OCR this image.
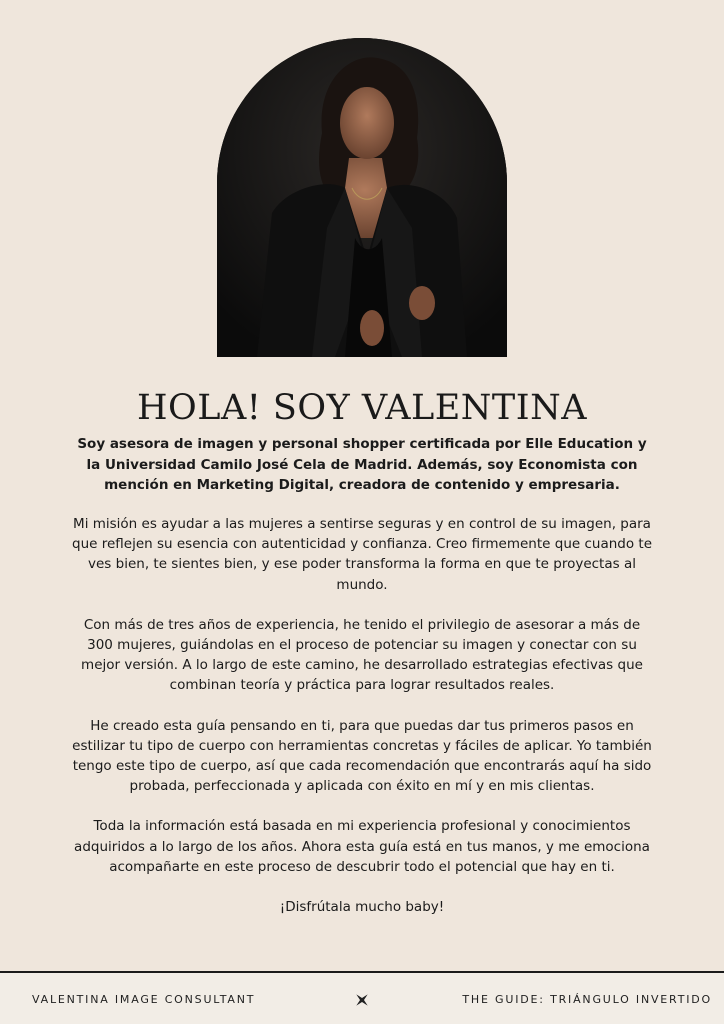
HOLA! SOY VALENTINA

Soy asesora de imagen y personal shopper certificada por Elle Education y la Universidad Camilo José Cela de Madrid. Además, soy Economista con mención en Marketing Digital, creadora de contenido y empresaria.

Mi misión es ayudar a las mujeres a sentirse seguras y en control de su imagen, para que reflejen su esencia con autenticidad y confianza. Creo firmemente que cuando te ves bien, te sientes bien, y ese poder transforma la forma en que te proyectas al mundo.

Con más de tres años de experiencia, he tenido el privilegio de asesorar a más de 300 mujeres, guiándolas en el proceso de potenciar su imagen y conectar con su mejor versión. A lo largo de este camino, he desarrollado estrategias efectivas que combinan teoría y práctica para lograr resultados reales.

He creado esta guía pensando en ti, para que puedas dar tus primeros pasos en estilizar tu tipo de cuerpo con herramientas concretas y fáciles de aplicar. Yo también tengo este tipo de cuerpo, así que cada recomendación que encontrarás aquí ha sido probada, perfeccionada y aplicada con éxito en mí y en mis clientas.

Toda la información está basada en mi experiencia profesional y conocimientos adquiridos a lo largo de los años. Ahora esta guía está en tus manos, y me emociona acompañarte en este proceso de descubrir todo el potencial que hay en ti.

¡Disfrútala mucho baby!

VALENTINA IMAGE CONSULTANT	THE GUIDE: TRIÁNGULO INVERTIDO
